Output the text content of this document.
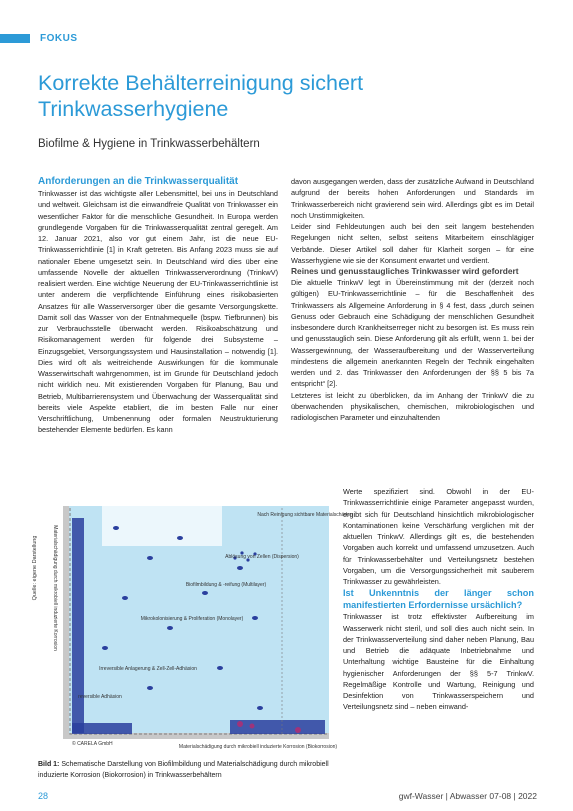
FOKUS
Korrekte Behälterreinigung sichert Trinkwasserhygiene
Biofilme & Hygiene in Trinkwasserbehältern

Anforderungen an die Trinkwasserqualität

Trinkwasser ist das wichtigste aller Lebensmittel, bei uns in Deutschland und weltweit. Gleichsam ist die einwandfreie Qualität von Trinkwasser ein wesentlicher Faktor für die menschliche Gesundheit. In Europa werden grundlegende Vorgaben für die Trinkwasserqualität zentral geregelt. Am 12. Januar 2021, also vor gut einem Jahr, ist die neue EU-Trinkwasserrichtlinie [1] in Kraft getreten. Bis Anfang 2023 muss sie auf nationaler Ebene umgesetzt sein. In Deutschland wird dies über eine umfassende Novelle der aktuellen Trinkwasserverordnung (TrinkwV) realisiert werden. Eine wichtige Neuerung der EU-Trinkwasserrichtlinie ist unter anderem die verpflichtende Einführung eines risikobasierten Ansatzes für alle Wasserversorger über die gesamte Versorgungskette. Damit soll das Wasser von der Entnahmequelle (bspw. Tiefbrunnen) bis zur Verbrauchsstelle überwacht werden. Risikoabschätzung und Risikomanagement werden für folgende drei Subsysteme – Einzugsgebiet, Versorgungssystem und Hausinstallation – notwendig [1]. Dies wird oft als weitreichende Auswirkungen für die kommunale Wasserwirtschaft wahrgenommen, ist im Grunde für Deutschland jedoch nicht wirklich neu. Mit existierenden Vorgaben für Planung, Bau und Betrieb, Multibarrierensystem und Überwachung der Wasserqualität sind bereits viele Aspekte etabliert, die im besten Falle nur einer Verschriftlichung, Umbenennung oder formalen Neustrukturierung bestehender Elemente bedürfen. Es kann

davon ausgegangen werden, dass der zusätzliche Aufwand in Deutschland aufgrund der bereits hohen Anforderungen und Standards im Trinkwasserbereich nicht gravierend sein wird. Allerdings gibt es im Detail noch Unstimmigkeiten.

Leider sind Fehldeutungen auch bei den seit langem bestehenden Regelungen nicht selten, selbst seitens Mitarbeitern einschlägiger Verbände. Dieser Artikel soll daher für Klarheit sorgen – für eine Wasserhygiene wie sie der Konsument erwartet und verdient.

Reines und genusstaugliches Trinkwasser wird gefordert

Die aktuelle TrinkwV legt in Übereinstimmung mit der (derzeit noch gültigen) EU-Trinkwasserrichtlinie – für die Beschaffenheit des Trinkwassers als Allgemeine Anforderung in § 4 fest, dass „durch seinen Genuss oder Gebrauch eine Schädigung der menschlichen Gesundheit insbesondere durch Krankheitserreger nicht zu besorgen ist. Es muss rein und genusstauglich sein. Diese Anforderung gilt als erfüllt, wenn 1. bei der Wassergewinnung, der Wasseraufbereitung und der Wasserverteilung mindestens die allgemein anerkannten Regeln der Technik eingehalten werden und 2. das Trinkwasser den Anforderungen der §§ 5 bis 7a entspricht“ [2].

Letzteres ist leicht zu überblicken, da im Anhang der TrinkwV die zu überwachenden physikalischen, chemischen, mikrobiologischen und radiologischen Parameter und einzuhaltenden

Werte spezifiziert sind. Obwohl in der EU-Trinkwasserrichtlinie einige Parameter angepasst wurden, ergibt sich für Deutschland hinsichtlich mikrobiologischer Kontaminationen keine Verschärfung verglichen mit der aktuellen TrinkwV. Allerdings gilt es, die bestehenden Vorgaben auch korrekt und umfassend umzusetzen. Auch für Trinkwasserbehälter und Verteilungsnetz bestehen Vorgaben, um die Versorgungssicherheit mit sauberem Trinkwasser zu gewährleisten.

Ist Unkenntnis der länger schon manifestierten Erfordernisse ursächlich?

Trinkwasser ist trotz effektivster Aufbereitung im Wasserwerk nicht steril, und soll dies auch nicht sein. In der Trinkwasserverteilung sind daher neben Planung, Bau und Betrieb die adäquate Inbetriebnahme und Unterhaltung wichtige Bausteine für die Einhaltung hygienischer Anforderungen der §§ 5-7 TrinkwV. Regelmäßige Kontrolle und Wartung, Reinigung und Desinfektion von Trinkwasserspeichern und Verteilungsnetz sind – neben einwand-

Quelle: eigene Darstellung	Materialschädigung durch mikrobiell induzierte Korrosion
Nach Reinigung sichtbare Materialschäden
Ablösung von Zellen (Dispersion)
Biofilmbildung & -reifung (Multilayer)
Mikrokolonisierung & Proliferation (Monolayer)
Irreversible Anlagerung & Zell-Zell-Adhäsion
reversible Adhäsion
Materialschädigung durch mikrobiell induzierte Korrosion (Biokorrosion)
© CARELA GmbH
Bild 1: Schematische Darstellung von Biofilmbildung und Materialschädigung durch mikrobiell induzierte Korrosion (Biokorrosion) in Trinkwasserbehältern
28	gwf-Wasser | Abwasser 07-08 | 2022
